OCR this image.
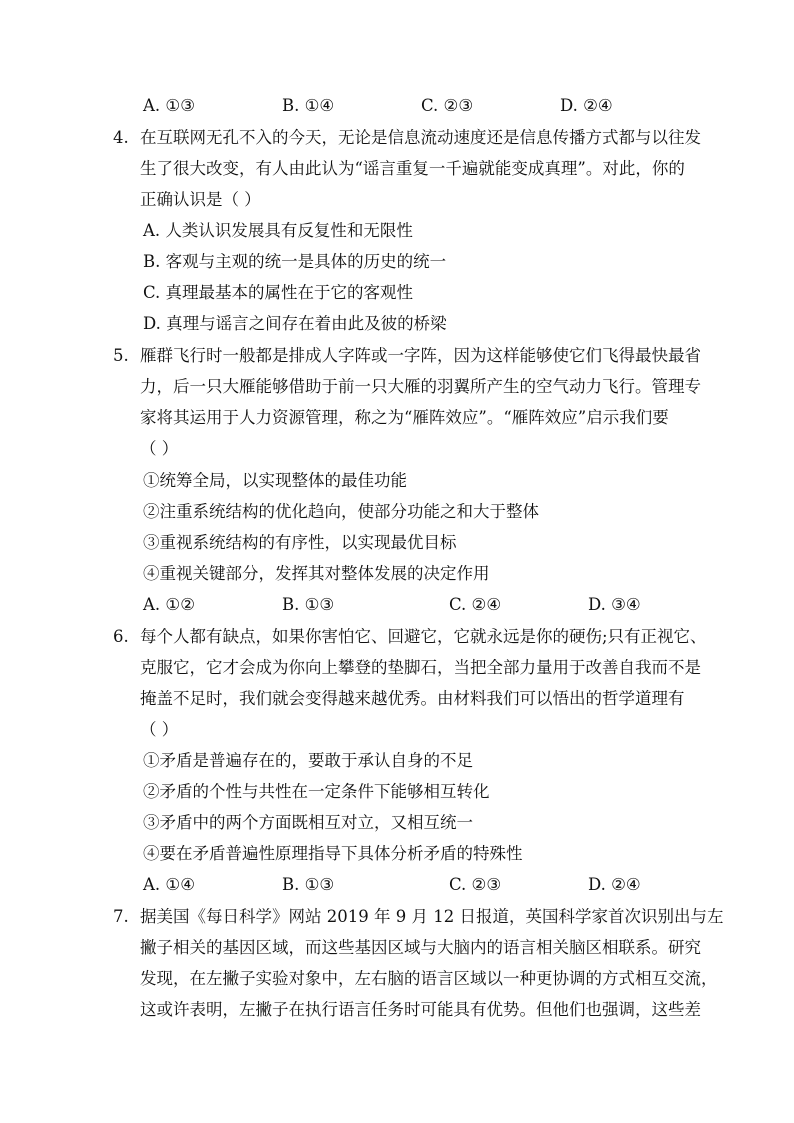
A. ①③	B. ①④	C. ②③	D. ②④
4. 在互联网无孔不入的今天，无论是信息流动速度还是信息传播方式都与以往发
生了很大改变，有人由此认为“谣言重复一千遍就能变成真理”。对此，你的
正确认识是（ ）
A. 人类认识发展具有反复性和无限性
B. 客观与主观的统一是具体的历史的统一
C. 真理最基本的属性在于它的客观性
D. 真理与谣言之间存在着由此及彼的桥梁
5. 雁群飞行时一般都是排成人字阵或一字阵，因为这样能够使它们飞得最快最省
力，后一只大雁能够借助于前一只大雁的羽翼所产生的空气动力飞行。管理专
家将其运用于人力资源管理，称之为“雁阵效应”。“雁阵效应”启示我们要
（ ）
①统筹全局，以实现整体的最佳功能
②注重系统结构的优化趋向，使部分功能之和大于整体
③重视系统结构的有序性，以实现最优目标
④重视关键部分，发挥其对整体发展的决定作用
A. ①②	B. ①③	C. ②④	D. ③④
6. 每个人都有缺点，如果你害怕它、回避它，它就永远是你的硬伤;只有正视它、
克服它，它才会成为你向上攀登的垫脚石，当把全部力量用于改善自我而不是
掩盖不足时，我们就会变得越来越优秀。由材料我们可以悟出的哲学道理有
（ ）
①矛盾是普遍存在的，要敢于承认自身的不足
②矛盾的个性与共性在一定条件下能够相互转化
③矛盾中的两个方面既相互对立，又相互统一
④要在矛盾普遍性原理指导下具体分析矛盾的特殊性
A. ①④	B. ①③	C. ②③	D. ②④
7. 据美国《每日科学》网站 2019 年 9 月 12 日报道，英国科学家首次识别出与左
撇子相关的基因区域，而这些基因区域与大脑内的语言相关脑区相联系。研究
发现，在左撇子实验对象中，左右脑的语言区域以一种更协调的方式相互交流，
这或许表明，左撇子在执行语言任务时可能具有优势。但他们也强调，这些差
